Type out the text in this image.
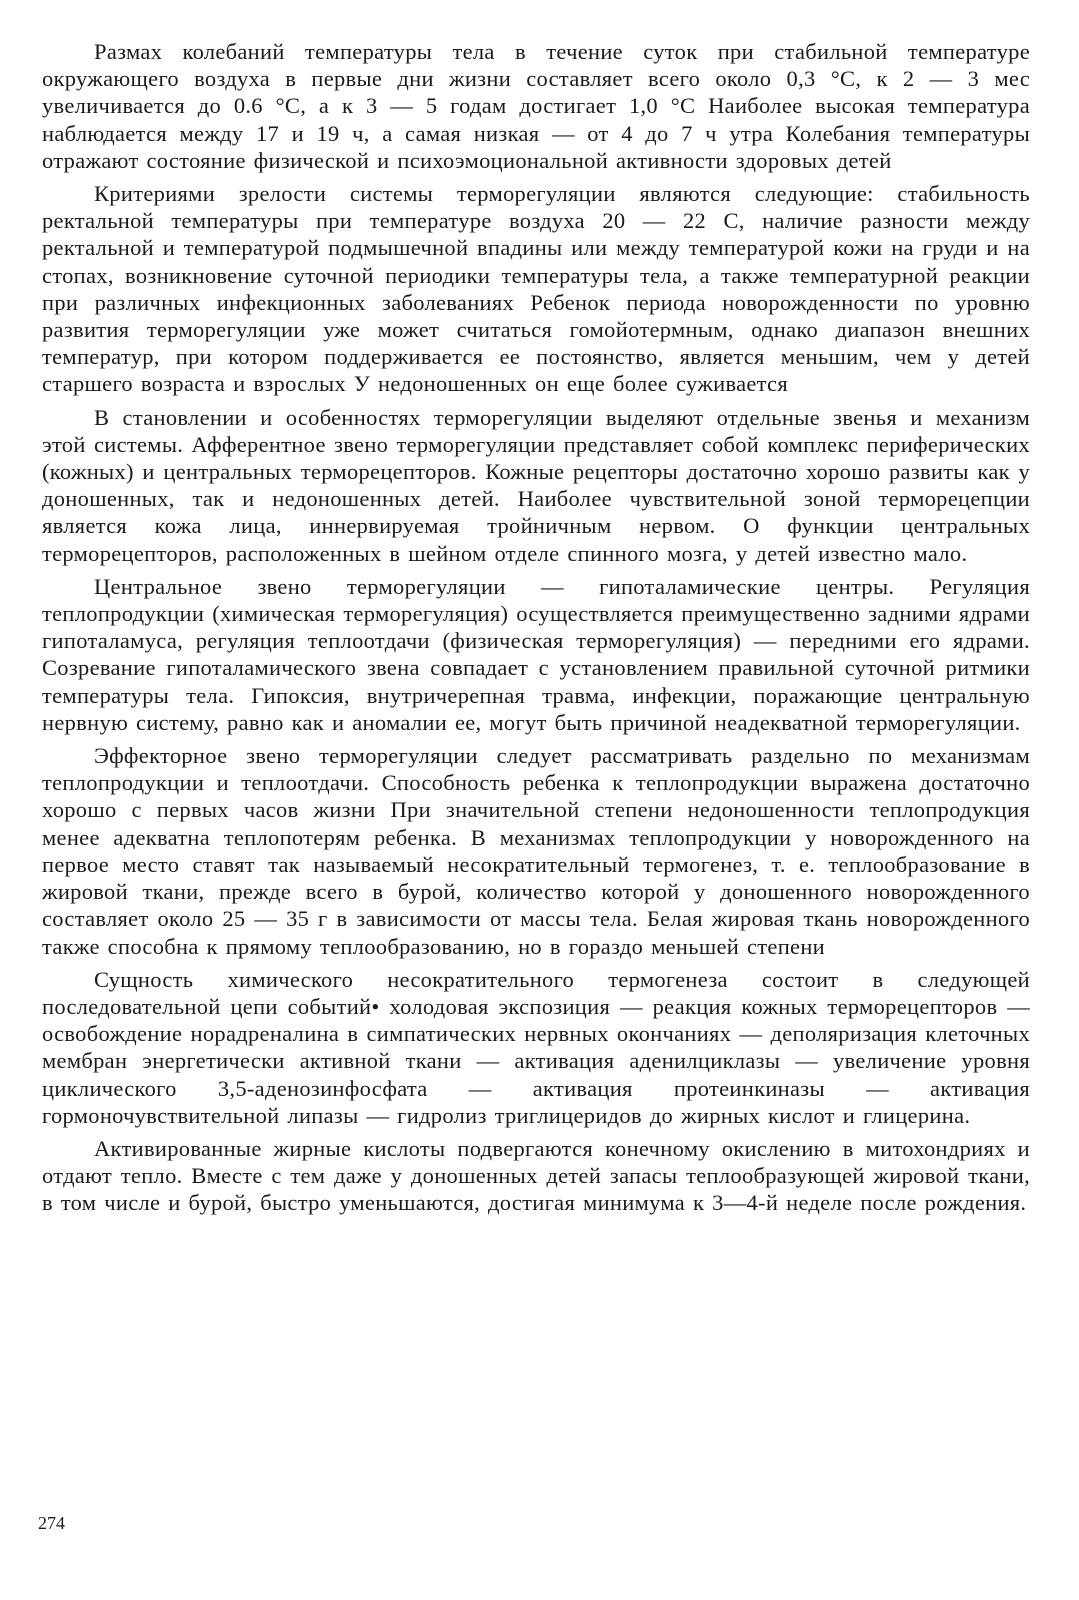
Размах колебаний температуры тела в течение суток при стабильной температуре окружающего воздуха в первые дни жизни составляет всего около 0,3 °C, к 2 — 3 мес увеличивается до 0.6 °C, а к 3 — 5 годам достигает 1,0 °C Наиболее высокая температура наблюдается между 17 и 19 ч, а самая низкая — от 4 до 7 ч утра Колебания температуры отражают состояние физической и психоэмоциональной активности здоровых детей

Критериями зрелости системы терморегуляции являются следующие: стабильность ректальной температуры при температуре воздуха 20 — 22 С, наличие разности между ректальной и температурой подмышечной впадины или между температурой кожи на груди и на стопах, возникновение суточной периодики температуры тела, а также температурной реакции при различных инфекционных заболеваниях Ребенок периода новорожденности по уровню развития терморегуляции уже может считаться гомойотермным, однако диапазон внешних температур, при котором поддерживается ее постоянство, является меньшим, чем у детей старшего возраста и взрослых У недоношенных он еще более суживается

В становлении и особенностях терморегуляции выделяют отдельные звенья и механизм этой системы. Афферентное звено терморегуляции представляет собой комплекс периферических (кожных) и центральных терморецепторов. Кожные рецепторы достаточно хорошо развиты как у доношенных, так и недоношенных детей. Наиболее чувствительной зоной терморецепции является кожа лица, иннервируемая тройничным нервом. О функции центральных терморецепторов, расположенных в шейном отделе спинного мозга, у детей известно мало.

Центральное звено терморегуляции — гипоталамические центры. Регуляция теплопродукции (химическая терморегуляция) осуществляется преимущественно задними ядрами гипоталамуса, регуляция теплоотдачи (физическая терморегуляция) — передними его ядрами. Созревание гипоталамического звена совпадает с установлением правильной суточной ритмики температуры тела. Гипоксия, внутричерепная травма, инфекции, поражающие центральную нервную систему, равно как и аномалии ее, могут быть причиной неадекватной терморегуляции.

Эффекторное звено терморегуляции следует рассматривать раздельно по механизмам теплопродукции и теплоотдачи. Способность ребенка к теплопродукции выражена достаточно хорошо с первых часов жизни При значительной степени недоношенности теплопродукция менее адекватна теплопотерям ребенка. В механизмах теплопродукции у новорожденного на первое место ставят так называемый несократительный термогенез, т. е. теплообразование в жировой ткани, прежде всего в бурой, количество которой у доношенного новорожденного составляет около 25 — 35 г в зависимости от массы тела. Белая жировая ткань новорожденного также способна к прямому теплообразованию, но в гораздо меньшей степени

Сущность химического несократительного термогенеза состоит в следующей последовательной цепи событий• холодовая экспозиция — реакция кожных терморецепторов — освобождение норадреналина в симпатических нервных окончаниях — деполяризация клеточных мембран энергетически активной ткани — активация аденилциклазы — увеличение уровня циклического 3,5-аденозинфосфата — активация протеинкиназы — активация гормоночувствительной липазы — гидролиз триглицеридов до жирных кислот и глицерина.

Активированные жирные кислоты подвергаются конечному окислению в митохондриях и отдают тепло. Вместе с тем даже у доношенных детей запасы теплообразующей жировой ткани, в том числе и бурой, быстро уменьшаются, достигая минимума к 3—4-й неделе после рождения.

274
